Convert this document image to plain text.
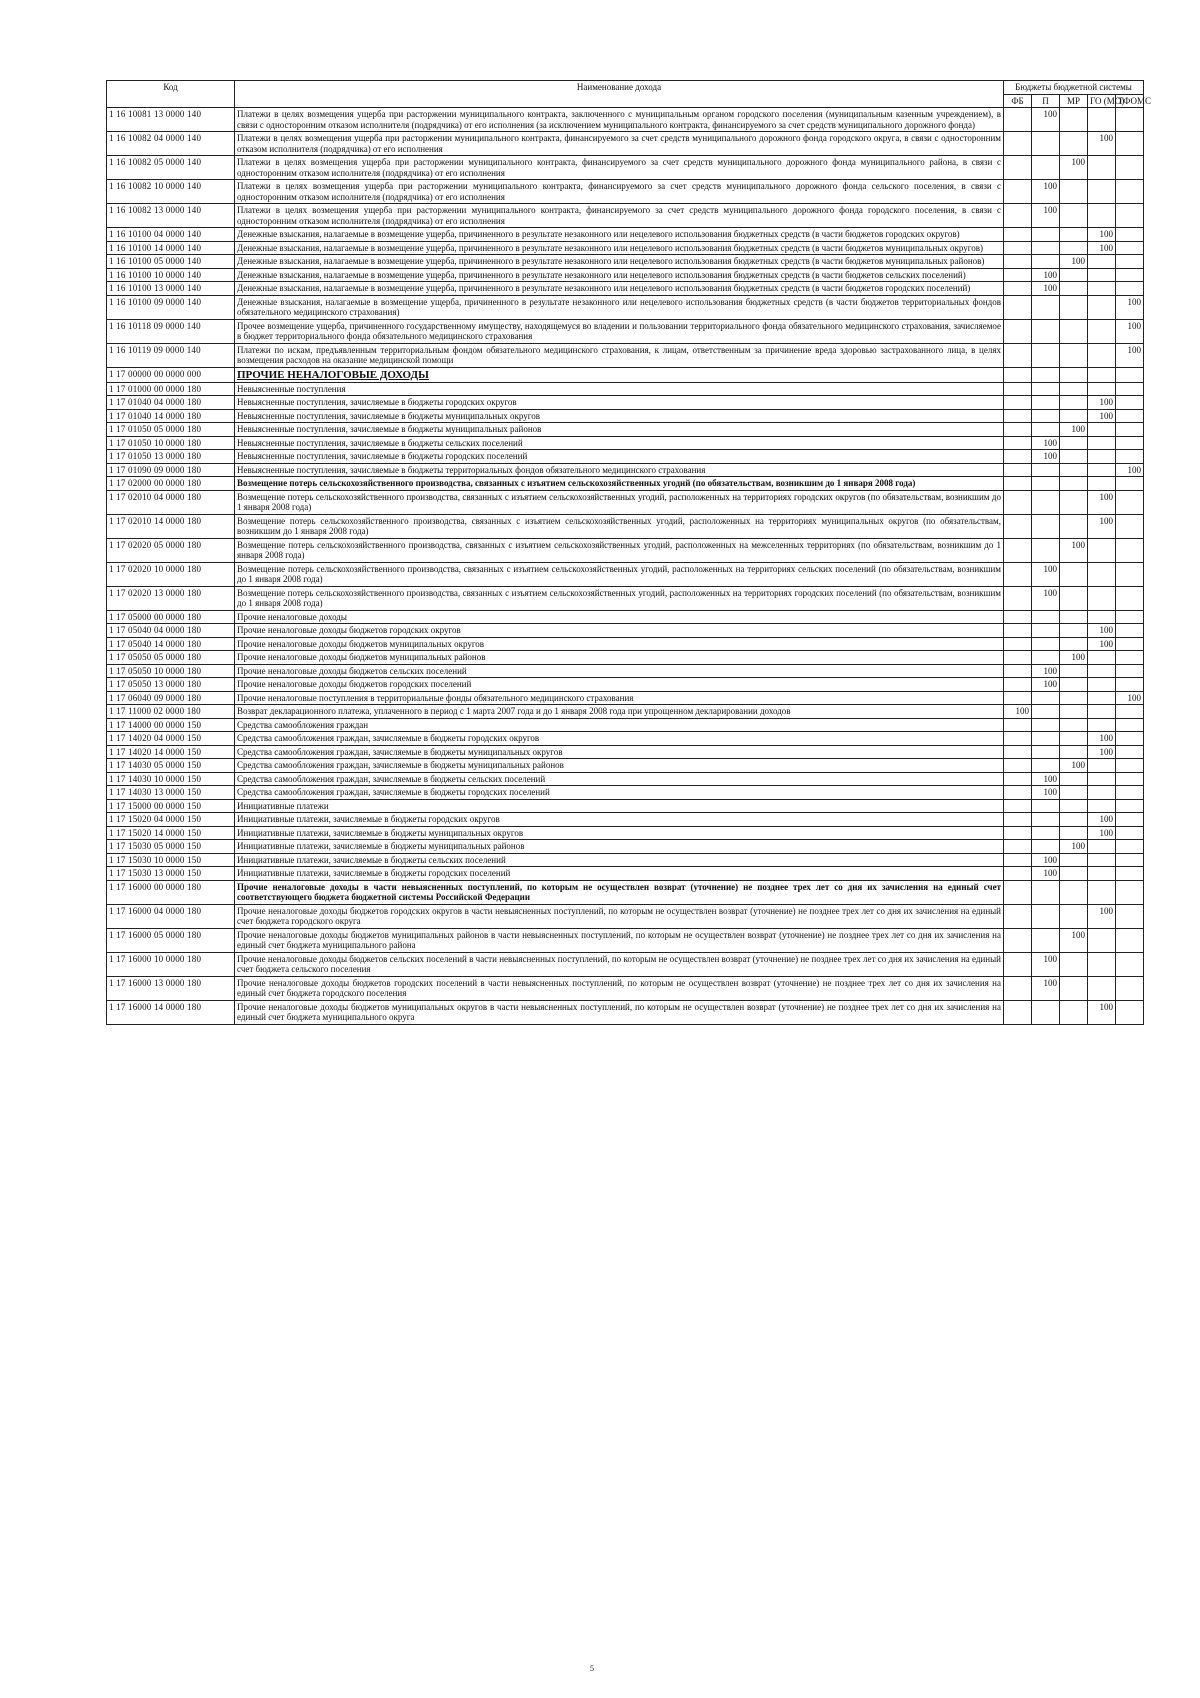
Код	Наименование дохода	Бюджеты бюджетной системы				
		ФБ	П	МР	ГО (МО)	ТФОМС
1 16 10081 13 0000 140	Платежи в целях возмещения ущерба при расторжении муниципального контракта, заключенного с муниципальным органом городского поселения (муниципальным казенным учреждением), в связи с односторонним отказом исполнителя (подрядчика) от его исполнения (за исключением муниципального контракта, финансируемого за счет средств муниципального дорожного фонда)		100			
1 16 10082 04 0000 140	Платежи в целях возмещения ущерба при расторжении муниципального контракта, финансируемого за счет средств муниципального дорожного фонда городского округа, в связи с односторонним отказом исполнителя (подрядчика) от его исполнения				100	
1 16 10082 05 0000 140	Платежи в целях возмещения ущерба при расторжении муниципального контракта, финансируемого за счет средств муниципального дорожного фонда муниципального района, в связи с односторонним отказом исполнителя (подрядчика) от его исполнения			100		
1 16 10082 10 0000 140	Платежи в целях возмещения ущерба при расторжении муниципального контракта, финансируемого за счет средств муниципального дорожного фонда сельского поселения, в связи с односторонним отказом исполнителя (подрядчика) от его исполнения		100			
1 16 10082 13 0000 140	Платежи в целях возмещения ущерба при расторжении муниципального контракта, финансируемого за счет средств муниципального дорожного фонда городского поселения, в связи с односторонним отказом исполнителя (подрядчика) от его исполнения		100			
1 16 10100 04 0000 140	Денежные взыскания, налагаемые в возмещение ущерба, причиненного в результате незаконного или нецелевого использования бюджетных средств (в части бюджетов городских округов)				100	
1 16 10100 14 0000 140	Денежные взыскания, налагаемые в возмещение ущерба, причиненного в результате незаконного или нецелевого использования бюджетных средств (в части бюджетов муниципальных округов)				100	
1 16 10100 05 0000 140	Денежные взыскания, налагаемые в возмещение ущерба, причиненного в результате незаконного или нецелевого использования бюджетных средств (в части бюджетов муниципальных районов)			100		
1 16 10100 10 0000 140	Денежные взыскания, налагаемые в возмещение ущерба, причиненного в результате незаконного или нецелевого использования бюджетных средств (в части бюджетов сельских поселений)		100			
1 16 10100 13 0000 140	Денежные взыскания, налагаемые в возмещение ущерба, причиненного в результате незаконного или нецелевого использования бюджетных средств (в части бюджетов городских поселений)		100			
1 16 10100 09 0000 140	Денежные взыскания, налагаемые в возмещение ущерба, причиненного в результате незаконного или нецелевого использования бюджетных средств (в части бюджетов территориальных фондов обязательного медицинского страхования)					100
1 16 10118 09 0000 140	Прочее возмещение ущерба, причиненного государственному имуществу, находящемуся во владении и пользовании территориального фонда обязательного медицинского страхования, зачисляемое в бюджет территориального фонда обязательного медицинского страхования					100
1 16 10119 09 0000 140	Платежи по искам, предъявленным территориальным фондом обязательного медицинского страхования, к лицам, ответственным за причинение вреда здоровью застрахованного лица, в целях возмещения расходов на оказание медицинской помощи					100
1 17 00000 00 0000 000	ПРОЧИЕ НЕНАЛОГОВЫЕ ДОХОДЫ					
1 17 01000 00 0000 180	Невыясненные поступления					
1 17 01040 04 0000 180	Невыясненные поступления, зачисляемые в бюджеты городских округов				100	
1 17 01040 14 0000 180	Невыясненные поступления, зачисляемые в бюджеты муниципальных округов				100	
1 17 01050 05 0000 180	Невыясненные поступления, зачисляемые в бюджеты муниципальных районов			100		
1 17 01050 10 0000 180	Невыясненные поступления, зачисляемые в бюджеты сельских поселений		100			
1 17 01050 13 0000 180	Невыясненные поступления, зачисляемые в бюджеты городских поселений		100			
1 17 01090 09 0000 180	Невыясненные поступления, зачисляемые в бюджеты территориальных фондов обязательного медицинского страхования					100
1 17 02000 00 0000 180	Возмещение потерь сельскохозяйственного производства, связанных с изъятием сельскохозяйственных угодий (по обязательствам, возникшим до 1 января 2008 года)					
1 17 02010 04 0000 180	Возмещение потерь сельскохозяйственного производства, связанных с изъятием сельскохозяйственных угодий, расположенных на территориях городских округов (по обязательствам, возникшим до 1 января 2008 года)				100	
1 17 02010 14 0000 180	Возмещение потерь сельскохозяйственного производства, связанных с изъятием сельскохозяйственных угодий, расположенных на территориях муниципальных округов (по обязательствам, возникшим до 1 января 2008 года)				100	
1 17 02020 05 0000 180	Возмещение потерь сельскохозяйственного производства, связанных с изъятием сельскохозяйственных угодий, расположенных на межселенных территориях (по обязательствам, возникшим до 1 января 2008 года)			100		
1 17 02020 10 0000 180	Возмещение потерь сельскохозяйственного производства, связанных с изъятием сельскохозяйственных угодий, расположенных на территориях сельских поселений (по обязательствам, возникшим до 1 января 2008 года)		100			
1 17 02020 13 0000 180	Возмещение потерь сельскохозяйственного производства, связанных с изъятием сельскохозяйственных угодий, расположенных на территориях городских поселений (по обязательствам, возникшим до 1 января 2008 года)		100			
1 17 05000 00 0000 180	Прочие неналоговые доходы					
1 17 05040 04 0000 180	Прочие неналоговые доходы бюджетов городских округов				100	
1 17 05040 14 0000 180	Прочие неналоговые доходы бюджетов муниципальных округов				100	
1 17 05050 05 0000 180	Прочие неналоговые доходы бюджетов муниципальных районов			100		
1 17 05050 10 0000 180	Прочие неналоговые доходы бюджетов сельских поселений		100			
1 17 05050 13 0000 180	Прочие неналоговые доходы бюджетов городских поселений		100			
1 17 06040 09 0000 180	Прочие неналоговые поступления в территориальные фонды обязательного медицинского страхования					100
1 17 11000 02 0000 180	Возврат декларационного платежа, уплаченного в период с 1 марта 2007 года и до 1 января 2008 года при упрощенном декларировании доходов	100				
1 17 14000 00 0000 150	Средства самообложения граждан					
1 17 14020 04 0000 150	Средства самообложения граждан, зачисляемые в бюджеты городских округов				100	
1 17 14020 14 0000 150	Средства самообложения граждан, зачисляемые в бюджеты муниципальных округов				100	
1 17 14030 05 0000 150	Средства самообложения граждан, зачисляемые в бюджеты муниципальных районов			100		
1 17 14030 10 0000 150	Средства самообложения граждан, зачисляемые в бюджеты сельских поселений		100			
1 17 14030 13 0000 150	Средства самообложения граждан, зачисляемые в бюджеты городских поселений		100			
1 17 15000 00 0000 150	Инициативные платежи					
1 17 15020 04 0000 150	Инициативные платежи, зачисляемые в бюджеты городских округов				100	
1 17 15020 14 0000 150	Инициативные платежи, зачисляемые в бюджеты муниципальных округов				100	
1 17 15030 05 0000 150	Инициативные платежи, зачисляемые в бюджеты муниципальных районов			100		
1 17 15030 10 0000 150	Инициативные платежи, зачисляемые в бюджеты сельских поселений		100			
1 17 15030 13 0000 150	Инициативные платежи, зачисляемые в бюджеты городских поселений		100			
1 17 16000 00 0000 180	Прочие неналоговые доходы в части невыясненных поступлений, по которым не осуществлен возврат (уточнение) не позднее трех лет со дня их зачисления на единый счет соответствующего бюджета бюджетной системы Российской Федерации					
1 17 16000 04 0000 180	Прочие неналоговые доходы бюджетов городских округов в части невыясненных поступлений, по которым не осуществлен возврат (уточнение) не позднее трех лет со дня их зачисления на единый счет бюджета городского округа				100	
1 17 16000 05 0000 180	Прочие неналоговые доходы бюджетов муниципальных районов в части невыясненных поступлений, по которым не осуществлен возврат (уточнение) не позднее трех лет со дня их зачисления на единый счет бюджета муниципального района			100		
1 17 16000 10 0000 180	Прочие неналоговые доходы бюджетов сельских поселений в части невыясненных поступлений, по которым не осуществлен возврат (уточнение) не позднее трех лет со дня их зачисления на единый счет бюджета сельского поселения		100			
1 17 16000 13 0000 180	Прочие неналоговые доходы бюджетов городских поселений в части невыясненных поступлений, по которым не осуществлен возврат (уточнение) не позднее трех лет со дня их зачисления на единый счет бюджета городского поселения		100			
1 17 16000 14 0000 180	Прочие неналоговые доходы бюджетов муниципальных округов в части невыясненных поступлений, по которым не осуществлен возврат (уточнение) не позднее трех лет со дня их зачисления на единый счет бюджета муниципального округа				100	
5
